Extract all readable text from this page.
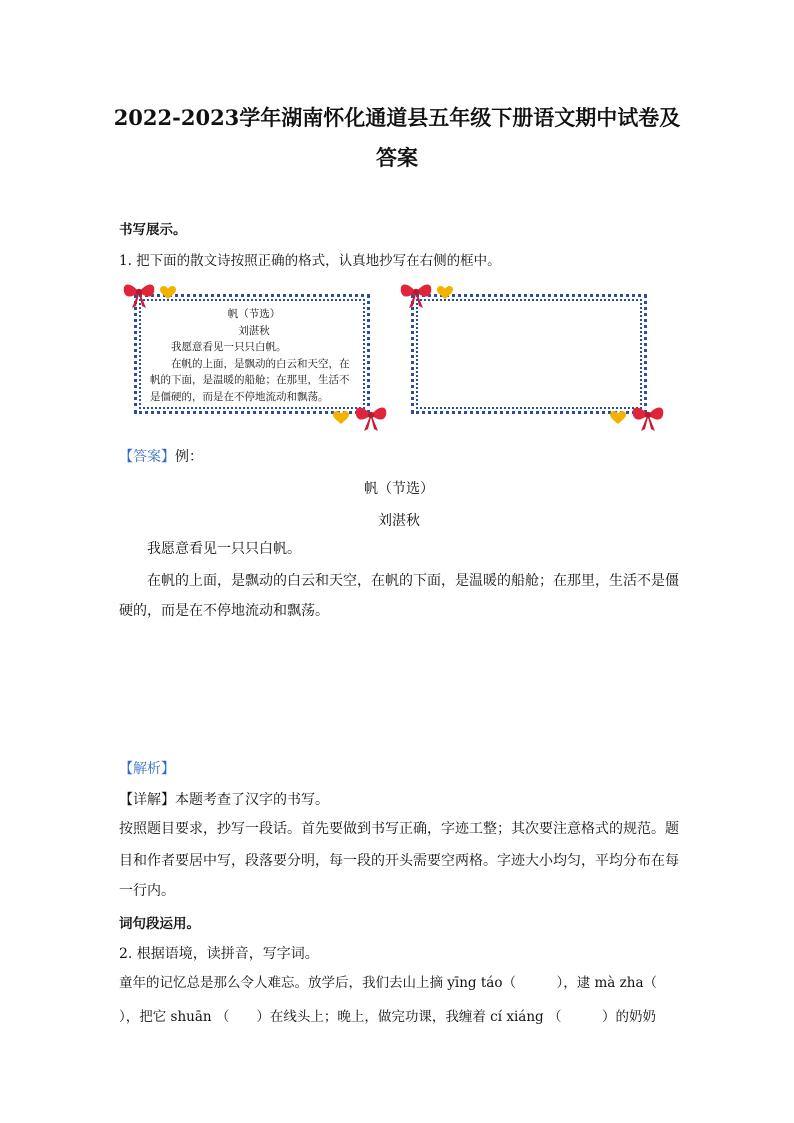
2022-2023学年湖南怀化通道县五年级下册语文期中试卷及
答案
书写展示。
1. 把下面的散文诗按照正确的格式，认真地抄写在右侧的框中。
帆（节选）
刘湛秋
我愿意看见一只只白帆。
在帆的上面，是飘动的白云和天空，在帆的下面，是温暖的船舱；在那里，生活不是僵硬的，而是在不停地流动和飘荡。
【答案】例：
帆（节选）
刘湛秋
我愿意看见一只只白帆。
在帆的上面，是飘动的白云和天空，在帆的下面，是温暖的船舱；在那里，生活不是僵
硬的，而是在不停地流动和飘荡。
【解析】
【详解】本题考查了汉字的书写。
按照题目要求，抄写一段话。首先要做到书写正确，字迹工整；其次要注意格式的规范。题
目和作者要居中写，段落要分明，每一段的开头需要空两格。字迹大小均匀，平均分布在每
一行内。
词句段运用。
2. 根据语境，读拼音，写字词。
童年的记忆总是那么令人难忘。放学后，我们去山上摘 yīng táo（　　　），逮 mà zha（
），把它 shuān （　　）在线头上；晚上，做完功课，我缠着 cí xiáng （　　　）的奶奶
